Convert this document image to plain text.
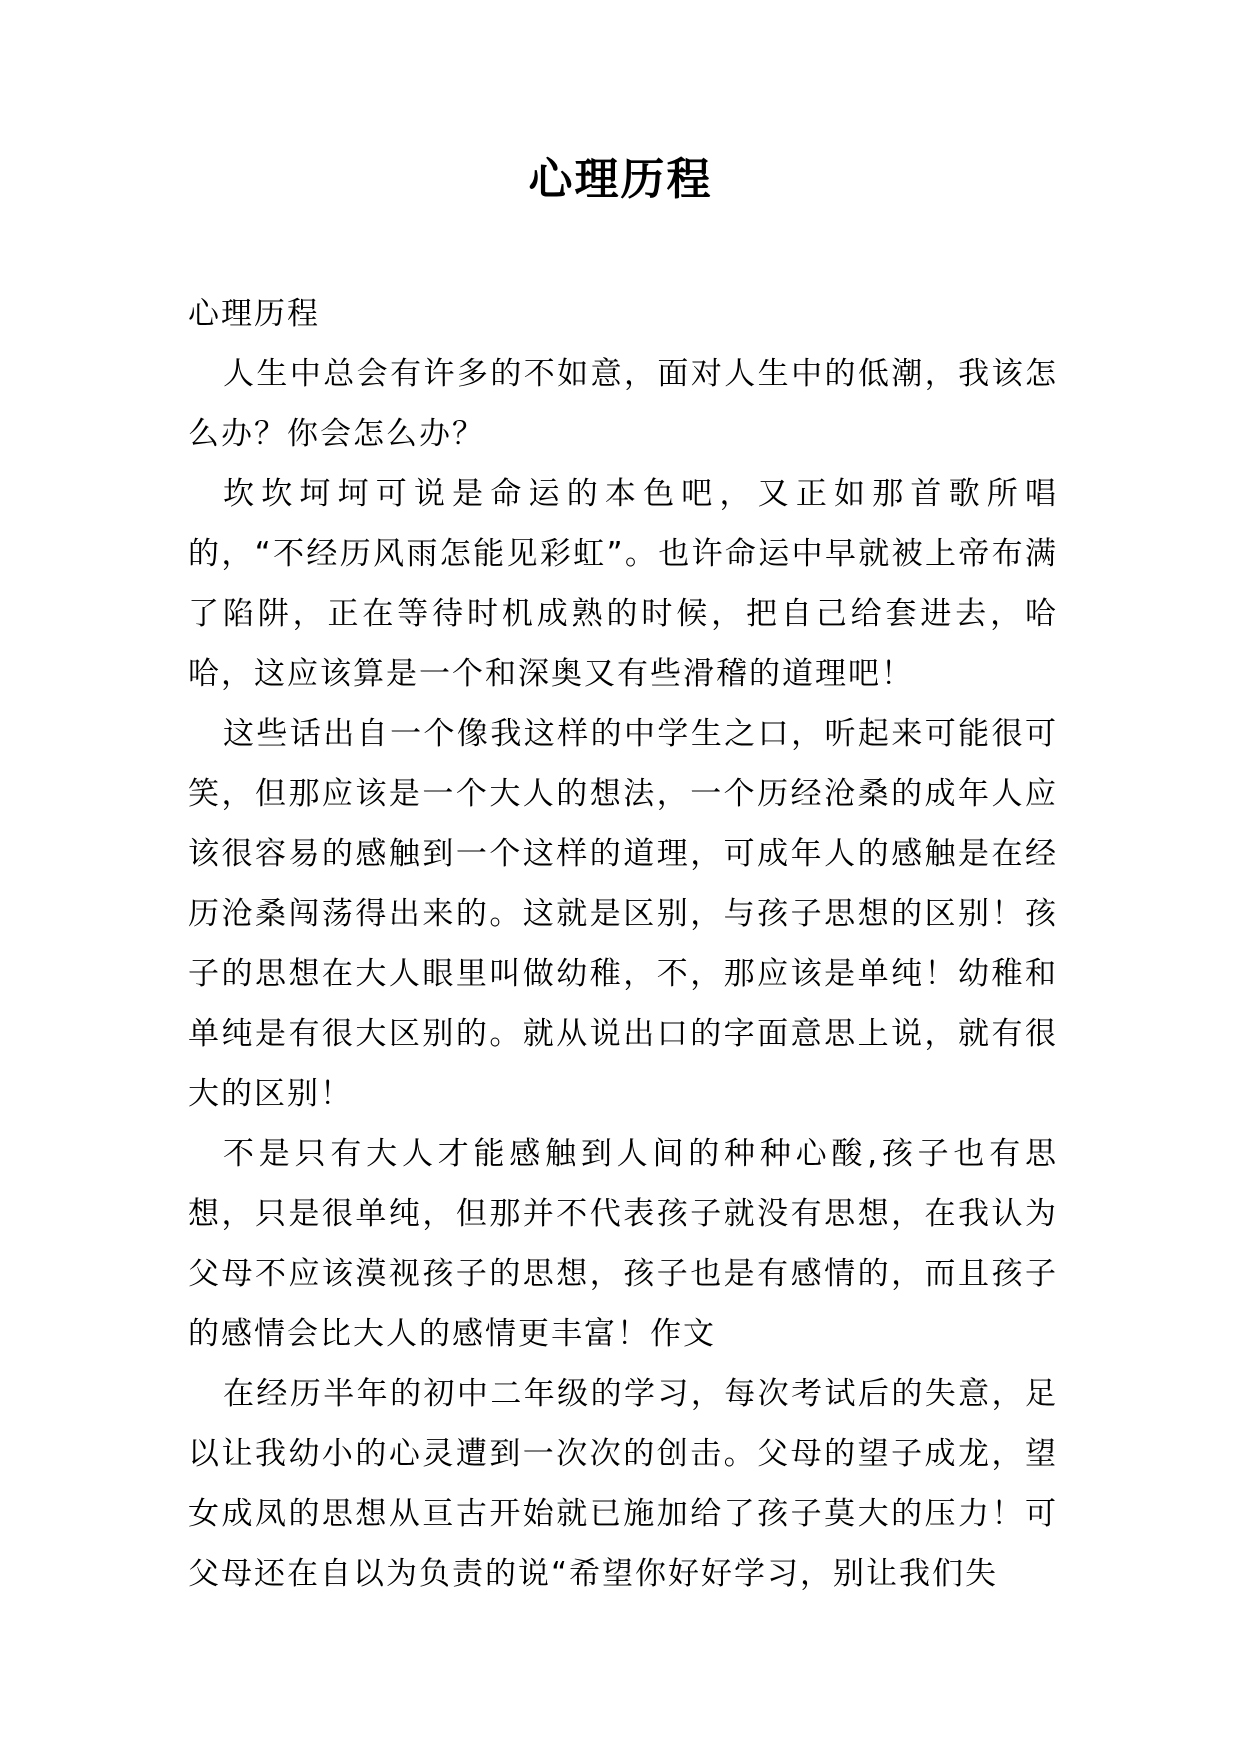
心理历程

心理历程

人生中总会有许多的不如意，面对人生中的低潮，我该怎么办？你会怎么办？

坎坎坷坷可说是命运的本色吧，又正如那首歌所唱的，“不经历风雨怎能见彩虹”。也许命运中早就被上帝布满了陷阱，正在等待时机成熟的时候，把自己给套进去，哈哈，这应该算是一个和深奥又有些滑稽的道理吧！

这些话出自一个像我这样的中学生之口，听起来可能很可笑，但那应该是一个大人的想法，一个历经沧桑的成年人应该很容易的感触到一个这样的道理，可成年人的感触是在经历沧桑闯荡得出来的。这就是区别，与孩子思想的区别！孩子的思想在大人眼里叫做幼稚，不，那应该是单纯！幼稚和单纯是有很大区别的。就从说出口的字面意思上说，就有很大的区别！

不是只有大人才能感触到人间的种种心酸,孩子也有思想，只是很单纯，但那并不代表孩子就没有思想，在我认为父母不应该漠视孩子的思想，孩子也是有感情的，而且孩子的感情会比大人的感情更丰富！作文

在经历半年的初中二年级的学习，每次考试后的失意，足以让我幼小的心灵遭到一次次的创击。父母的望子成龙，望女成凤的思想从亘古开始就已施加给了孩子莫大的压力！可父母还在自以为负责的说“希望你好好学习，别让我们失
